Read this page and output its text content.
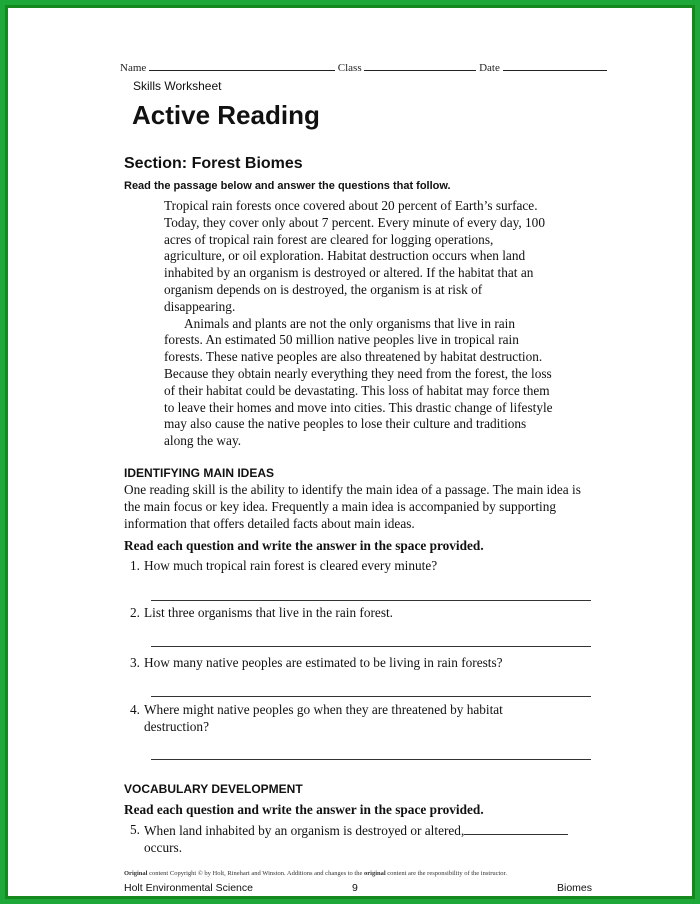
Name	Class	Date
Skills Worksheet
Active Reading
Section: Forest Biomes
Read the passage below and answer the questions that follow.

Tropical rain forests once covered about 20 percent of Earth’s surface. Today, they cover only about 7 percent. Every minute of every day, 100 acres of tropical rain forest are cleared for logging operations, agriculture, or oil exploration. Habitat destruction occurs when land inhabited by an organism is destroyed or altered. If the habitat that an organism depends on is destroyed, the organism is at risk of disappearing.

Animals and plants are not the only organisms that live in rain forests. An estimated 50 million native peoples live in tropical rain forests. These native peoples are also threatened by habitat destruction. Because they obtain nearly everything they need from the forest, the loss of their habitat could be devastating. This loss of habitat may force them to leave their homes and move into cities. This drastic change of lifestyle may also cause the native peoples to lose their culture and traditions along the way.

IDENTIFYING MAIN IDEAS
One reading skill is the ability to identify the main idea of a passage. The main idea is the main focus or key idea. Frequently a main idea is accompanied by supporting information that offers detailed facts about main ideas.
Read each question and write the answer in the space provided.
1. How much tropical rain forest is cleared every minute?
2. List three organisms that live in the rain forest.
3. How many native peoples are estimated to be living in rain forests?
4. Where might native peoples go when they are threatened by habitat destruction?
VOCABULARY DEVELOPMENT
Read each question and write the answer in the space provided.
5. When land inhabited by an organism is destroyed or altered,
occurs.
Original content Copyright © by Holt, Rinehart and Winston. Additions and changes to the original content are the responsibility of the instructor.
Holt Environmental Science	9	Biomes
